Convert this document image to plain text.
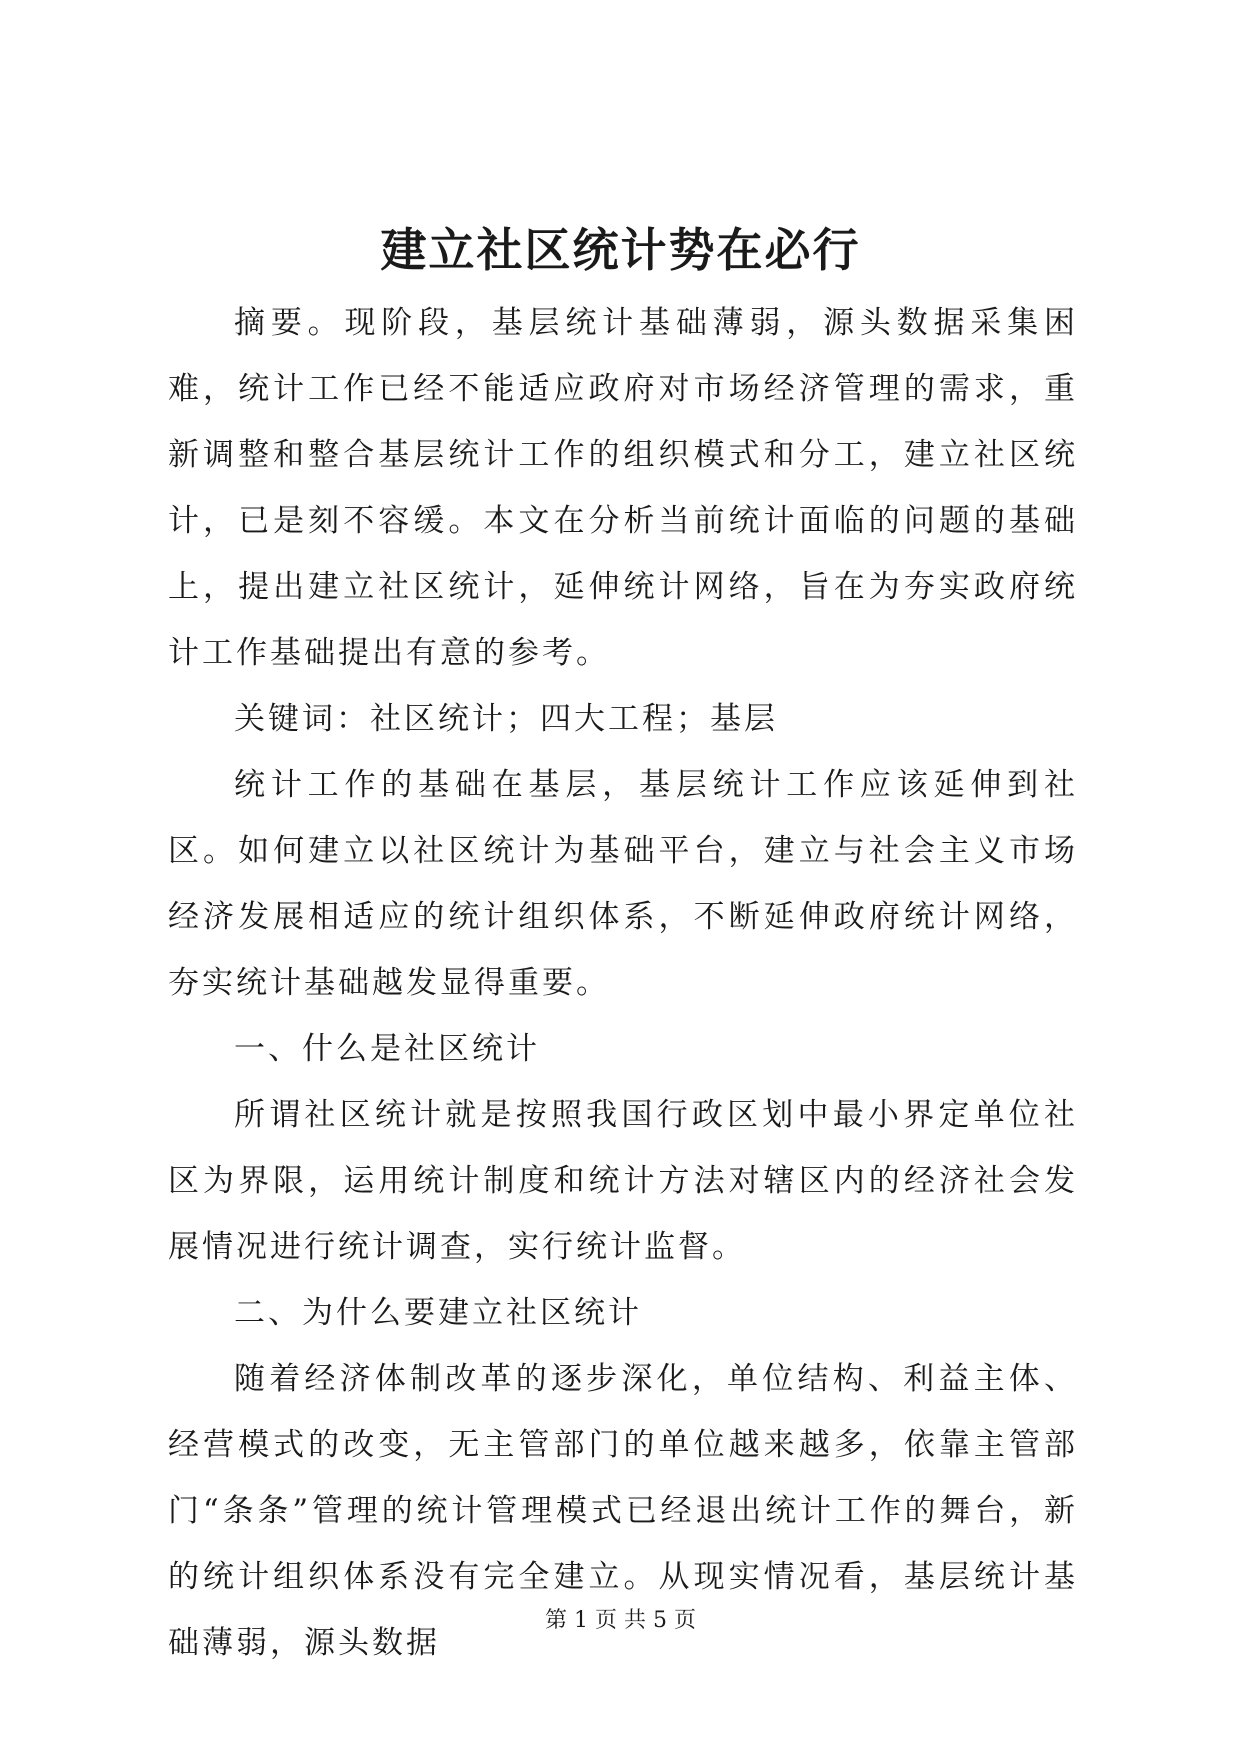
建立社区统计势在必行

摘要。现阶段，基层统计基础薄弱，源头数据采集困难，统计工作已经不能适应政府对市场经济管理的需求，重新调整和整合基层统计工作的组织模式和分工，建立社区统计，已是刻不容缓。本文在分析当前统计面临的问题的基础上，提出建立社区统计，延伸统计网络，旨在为夯实政府统计工作基础提出有意的参考。

关键词：社区统计；四大工程；基层

统计工作的基础在基层，基层统计工作应该延伸到社区。如何建立以社区统计为基础平台，建立与社会主义市场经济发展相适应的统计组织体系，不断延伸政府统计网络，夯实统计基础越发显得重要。

一、什么是社区统计

所谓社区统计就是按照我国行政区划中最小界定单位社区为界限，运用统计制度和统计方法对辖区内的经济社会发展情况进行统计调查，实行统计监督。

二、为什么要建立社区统计

随着经济体制改革的逐步深化，单位结构、利益主体、经营模式的改变，无主管部门的单位越来越多，依靠主管部门“条条”管理的统计管理模式已经退出统计工作的舞台，新的统计组织体系没有完全建立。从现实情况看，基层统计基础薄弱，源头数据

第 1 页 共 5 页
